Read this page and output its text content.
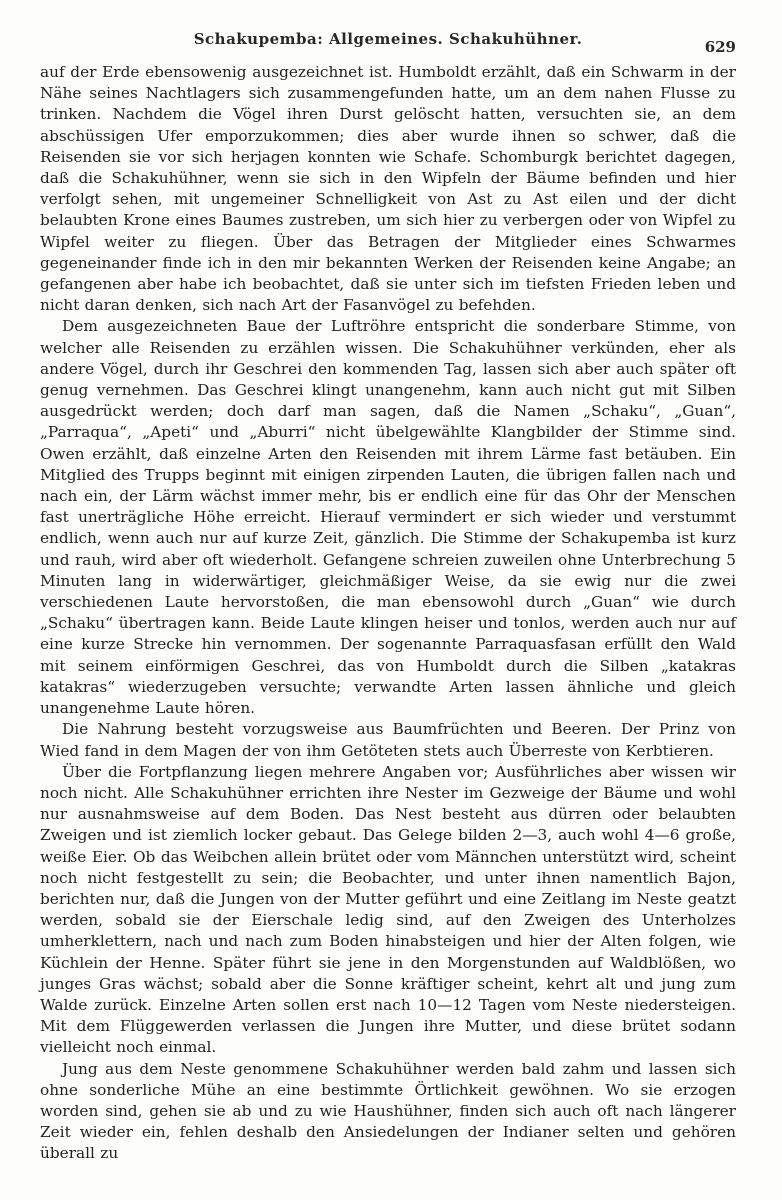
Schakupemba: Allgemeines. Schakuhühner.	629

auf der Erde ebensowenig ausgezeichnet ist. Humboldt erzählt, daß ein Schwarm in der Nähe seines Nachtlagers sich zusammengefunden hatte, um an dem nahen Flusse zu trinken. Nachdem die Vögel ihren Durst gelöscht hatten, versuchten sie, an dem abschüssigen Ufer emporzukommen; dies aber wurde ihnen so schwer, daß die Reisenden sie vor sich herjagen konnten wie Schafe. Schomburgk berichtet dagegen, daß die Schakuhühner, wenn sie sich in den Wipfeln der Bäume befinden und hier verfolgt sehen, mit ungemeiner Schnelligkeit von Ast zu Ast eilen und der dicht belaubten Krone eines Baumes zustreben, um sich hier zu verbergen oder von Wipfel zu Wipfel weiter zu fliegen. Über das Betragen der Mitglieder eines Schwarmes gegeneinander finde ich in den mir bekannten Werken der Reisenden keine Angabe; an gefangenen aber habe ich beobachtet, daß sie unter sich im tiefsten Frieden leben und nicht daran denken, sich nach Art der Fasanvögel zu befehden.

Dem ausgezeichneten Baue der Luftröhre entspricht die sonderbare Stimme, von welcher alle Reisenden zu erzählen wissen. Die Schakuhühner verkünden, eher als andere Vögel, durch ihr Geschrei den kommenden Tag, lassen sich aber auch später oft genug vernehmen. Das Geschrei klingt unangenehm, kann auch nicht gut mit Silben ausgedrückt werden; doch darf man sagen, daß die Namen „Schaku“, „Guan“, „Parraqua“, „Apeti“ und „Aburri“ nicht übelgewählte Klangbilder der Stimme sind. Owen erzählt, daß einzelne Arten den Reisenden mit ihrem Lärme fast betäuben. Ein Mitglied des Trupps beginnt mit einigen zirpenden Lauten, die übrigen fallen nach und nach ein, der Lärm wächst immer mehr, bis er endlich eine für das Ohr der Menschen fast unerträgliche Höhe erreicht. Hierauf vermindert er sich wieder und verstummt endlich, wenn auch nur auf kurze Zeit, gänzlich. Die Stimme der Schakupemba ist kurz und rauh, wird aber oft wiederholt. Gefangene schreien zuweilen ohne Unterbrechung 5 Minuten lang in widerwärtiger, gleichmäßiger Weise, da sie ewig nur die zwei verschiedenen Laute hervorstoßen, die man ebensowohl durch „Guan“ wie durch „Schaku“ übertragen kann. Beide Laute klingen heiser und tonlos, werden auch nur auf eine kurze Strecke hin vernommen. Der sogenannte Parraquasfasan erfüllt den Wald mit seinem einförmigen Geschrei, das von Humboldt durch die Silben „katakras katakras“ wiederzugeben versuchte; verwandte Arten lassen ähnliche und gleich unangenehme Laute hören.

Die Nahrung besteht vorzugsweise aus Baumfrüchten und Beeren. Der Prinz von Wied fand in dem Magen der von ihm Getöteten stets auch Überreste von Kerbtieren.

Über die Fortpflanzung liegen mehrere Angaben vor; Ausführliches aber wissen wir noch nicht. Alle Schakuhühner errichten ihre Nester im Gezweige der Bäume und wohl nur ausnahmsweise auf dem Boden. Das Nest besteht aus dürren oder belaubten Zweigen und ist ziemlich locker gebaut. Das Gelege bilden 2—3, auch wohl 4—6 große, weiße Eier. Ob das Weibchen allein brütet oder vom Männchen unterstützt wird, scheint noch nicht festgestellt zu sein; die Beobachter, und unter ihnen namentlich Bajon, berichten nur, daß die Jungen von der Mutter geführt und eine Zeitlang im Neste geatzt werden, sobald sie der Eierschale ledig sind, auf den Zweigen des Unterholzes umherklettern, nach und nach zum Boden hinabsteigen und hier der Alten folgen, wie Küchlein der Henne. Später führt sie jene in den Morgenstunden auf Waldblößen, wo junges Gras wächst; sobald aber die Sonne kräftiger scheint, kehrt alt und jung zum Walde zurück. Einzelne Arten sollen erst nach 10—12 Tagen vom Neste niedersteigen. Mit dem Flüggewerden verlassen die Jungen ihre Mutter, und diese brütet sodann vielleicht noch einmal.

Jung aus dem Neste genommene Schakuhühner werden bald zahm und lassen sich ohne sonderliche Mühe an eine bestimmte Örtlichkeit gewöhnen. Wo sie erzogen worden sind, gehen sie ab und zu wie Haushühner, finden sich auch oft nach längerer Zeit wieder ein, fehlen deshalb den Ansiedelungen der Indianer selten und gehören überall zu
